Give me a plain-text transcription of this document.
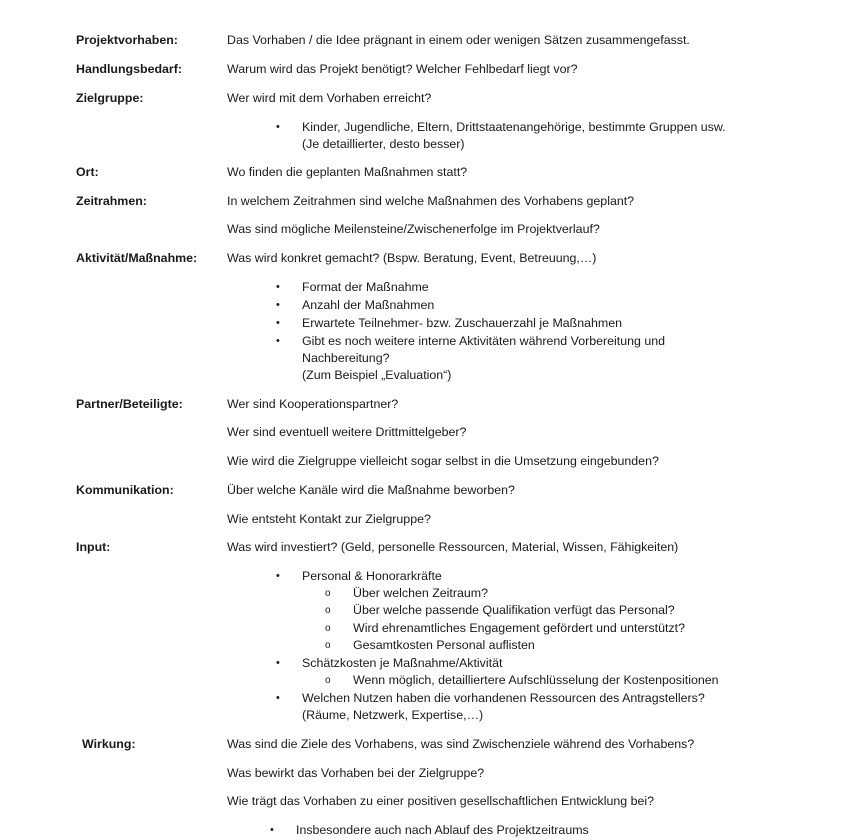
Projektvorhaben:	Das Vorhaben / die Idee prägnant in einem oder wenigen Sätzen zusammengefasst.
Handlungsbedarf:	Warum wird das Projekt benötigt? Welcher Fehlbedarf liegt vor?
Zielgruppe:	Wer wird mit dem Vorhaben erreicht?
• Kinder, Jugendliche, Eltern, Drittstaatenangehörige, bestimmte Gruppen usw.
(Je detaillierter, desto besser)
Ort:	Wo finden die geplanten Maßnahmen statt?
Zeitrahmen:	In welchem Zeitrahmen sind welche Maßnahmen des Vorhabens geplant?
Was sind mögliche Meilensteine/Zwischenerfolge im Projektverlauf?
Aktivität/Maßnahme: Was wird konkret gemacht? (Bspw. Beratung, Event, Betreuung,…)
• Format der Maßnahme
• Anzahl der Maßnahmen
• Erwartete Teilnehmer- bzw. Zuschauerzahl je Maßnahmen
• Gibt es noch weitere interne Aktivitäten während Vorbereitung und
Nachbereitung?
(Zum Beispiel „Evaluation“)
Partner/Beteiligte:	Wer sind Kooperationspartner?
Wer sind eventuell weitere Drittmittelgeber?
Wie wird die Zielgruppe vielleicht sogar selbst in die Umsetzung eingebunden?
Kommunikation:	Über welche Kanäle wird die Maßnahme beworben?
Wie entsteht Kontakt zur Zielgruppe?
Input:	Was wird investiert? (Geld, personelle Ressourcen, Material, Wissen, Fähigkeiten)
• Personal & Honorarkräfte
o Über welchen Zeitraum?
o Über welche passende Qualifikation verfügt das Personal?
o Wird ehrenamtliches Engagement gefördert und unterstützt?
o Gesamtkosten Personal auflisten
• Schätzkosten je Maßnahme/Aktivität
o Wenn möglich, detailliertere Aufschlüsselung der Kostenpositionen
• Welchen Nutzen haben die vorhandenen Ressourcen des Antragstellers?
(Räume, Netzwerk, Expertise,…)
Wirkung:	Was sind die Ziele des Vorhabens, was sind Zwischenziele während des Vorhabens?
Was bewirkt das Vorhaben bei der Zielgruppe?
Wie trägt das Vorhaben zu einer positiven gesellschaftlichen Entwicklung bei?
• Insbesondere auch nach Ablauf des Projektzeitraums
